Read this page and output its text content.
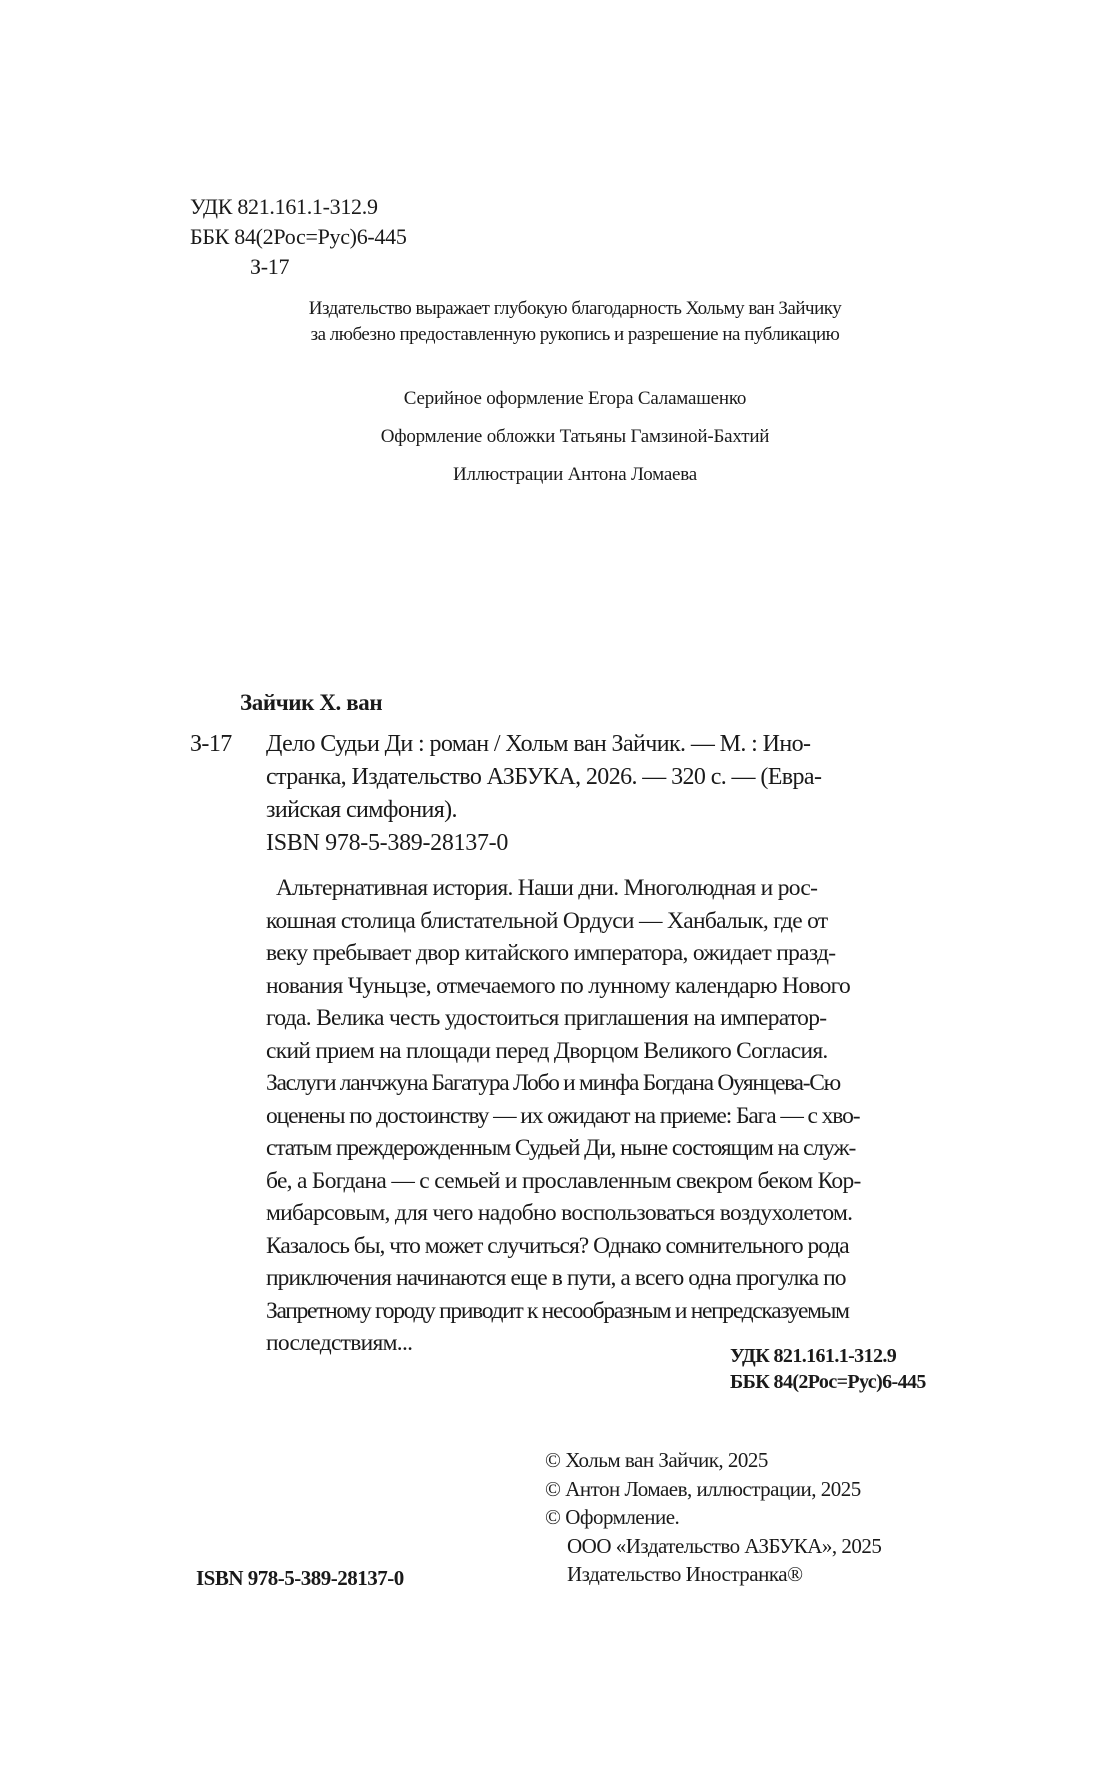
УДК 821.161.1-312.9
ББК 84(2Рос=Рус)6-445
З-17
Издательство выражает глубокую благодарность Хольму ван Зайчику
за любезно предоставленную рукопись и разрешение на публикацию
Серийное оформление Егора Саламашенко
Оформление обложки Татьяны Гамзиной-Бахтий
Иллюстрации Антона Ломаева
Зайчик Х. ван
З-17 Дело Судьи Ди : роман / Хольм ван Зайчик. — М. : Ино-
странка, Издательство АЗБУКА, 2026. — 320 с. — (Евра-
зийская симфония).
ISBN 978-5-389-28137-0
Альтернативная история. Наши дни. Многолюдная и рос-
кошная столица блистательной Ордуси — Ханбалык, где от
веку пребывает двор китайского императора, ожидает празд-
нования Чуньцзе, отмечаемого по лунному календарю Нового
года. Велика честь удостоиться приглашения на император-
ский прием на площади перед Дворцом Великого Согласия.
Заслуги ланчжуна Багатура Лобо и минфа Богдана Оуянцева-Сю
оценены по достоинству — их ожидают на приеме: Бага — с хво-
статым преждерожденным Судьей Ди, ныне состоящим на служ-
бе, а Богдана — с семьей и прославленным свекром беком Кор-
мибарсовым, для чего надобно воспользоваться воздухолетом.
Казалось бы, что может случиться? Однако сомнительного рода
приключения начинаются еще в пути, а всего одна прогулка по
Запретному городу приводит к несообразным и непредсказуемым
последствиям...	УДК 821.161.1-312.9
ББК 84(2Рос=Рус)6-445
© Хольм ван Зайчик, 2025
© Антон Ломаев, иллюстрации, 2025
© Оформление.
ООО «Издательство АЗБУКА», 2025
Издательство Иностранка®
ISBN 978-5-389-28137-0
